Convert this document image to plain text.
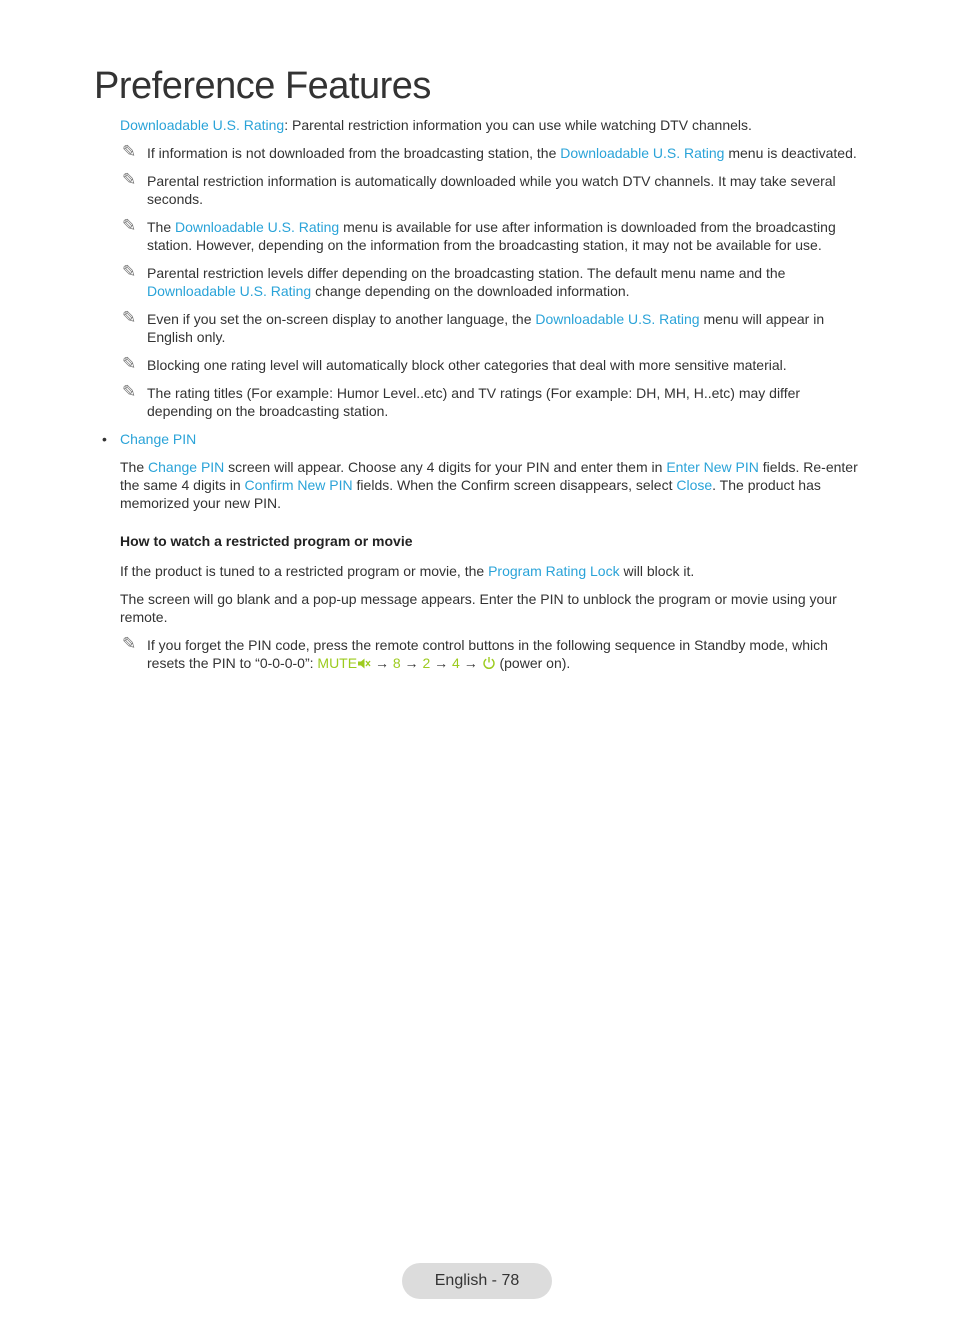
Preference Features

Downloadable U.S. Rating: Parental restriction information you can use while watching DTV channels.

✎ If information is not downloaded from the broadcasting station, the Downloadable U.S. Rating menu is deactivated.
✎ Parental restriction information is automatically downloaded while you watch DTV channels. It may take several seconds.
✎ The Downloadable U.S. Rating menu is available for use after information is downloaded from the broadcasting station. However, depending on the information from the broadcasting station, it may not be available for use.
✎ Parental restriction levels differ depending on the broadcasting station. The default menu name and the Downloadable U.S. Rating change depending on the downloaded information.
✎ Even if you set the on-screen display to another language, the Downloadable U.S. Rating menu will appear in English only.
✎ Blocking one rating level will automatically block other categories that deal with more sensitive material.
✎ The rating titles (For example: Humor Level..etc) and TV ratings (For example: DH, MH, H..etc) may differ depending on the broadcasting station.
• Change PIN

The Change PIN screen will appear. Choose any 4 digits for your PIN and enter them in Enter New PIN fields. Re-enter the same 4 digits in Confirm New PIN fields. When the Confirm screen disappears, select Close. The product has memorized your new PIN.

How to watch a restricted program or movie

If the product is tuned to a restricted program or movie, the Program Rating Lock will block it.

The screen will go blank and a pop-up message appears. Enter the PIN to unblock the program or movie using your remote.

✎ If you forget the PIN code, press the remote control buttons in the following sequence in Standby mode, which resets the PIN to “0-0-0-0”: MUTE → 8 → 2 → 4 →  (power on).
English - 78
